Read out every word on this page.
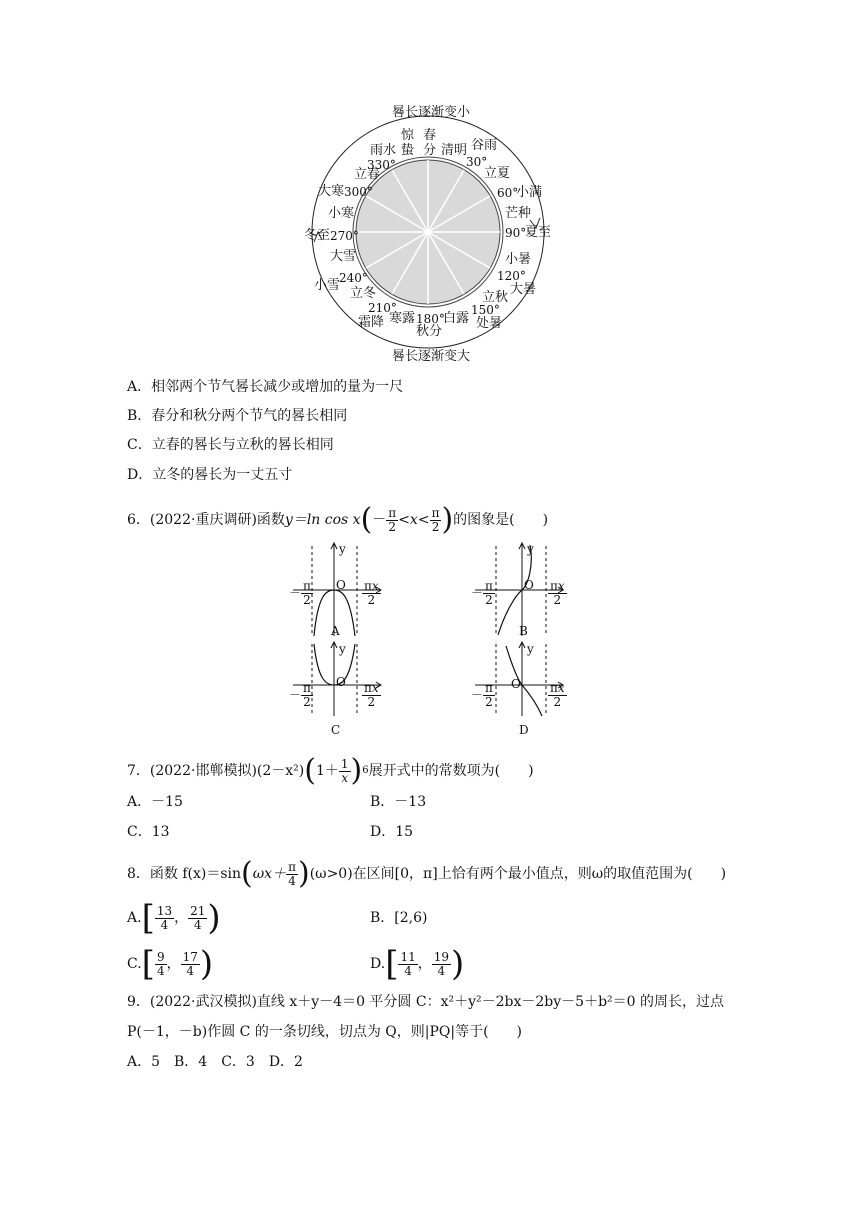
晷长逐渐变小
晷长逐渐变大
惊
蛰
春
分 清明 谷雨
雨水
330°	30°
立夏
立春
60°
小满
大寒 300°
小寒	芒种
冬至 270°	90°
夏至
大雪	小暑
240°	120°
小雪	大暑
立冬	立秋
210°	150°
霜降 寒露 180°
白露
秋分
处暑
A．相邻两个节气晷长减少或增加的量为一尺
B．春分和秋分两个节气的晷长相同
C．立春的晷长与立秋的晷长相同
D．立冬的晷长为一丈五寸
6．(2022·重庆调研)函数 y＝ln cos x ( － $\frac{\pi}{2} <x< \frac{\pi}{2}$ ) 的图象是(　　)
－ $\frac{\pi}{2}$ O
y
$\frac{\pi x}{2}$
A
－ $\frac{\pi}{2}$ O
y
$\frac{\pi x}{2}$
B
－ $\frac{\pi}{2}$ O
y
$\frac{\pi x}{2}$
C
－ $\frac{\pi}{2}$ O
y
$\frac{\pi x}{2}$
D
7．(2022·邯郸模拟)(2－x²) ( $1+ \frac{1}{x}$ ) 6 展开式中的常数项为(　　)
A．－15	B．－13
C．13	D．15
8．函数 f(x)＝sin ( $\omega x+ \frac{\pi}{4}$ ) (ω>0)在区间[0，π]上恰有两个最小值点，则ω的取值范围为(　　)
A. [ $\frac{13}{4}$ ， $\frac{21}{4}$ )	B．[2,6)
C. [ $\frac{9}{4}$ ， $\frac{17}{4}$ )	D. [ $\frac{11}{4}$ ， $\frac{19}{4}$ )
9．(2022·武汉模拟)直线 x＋y－4＝0 平分圆 C：x²＋y²－2bx－2by－5＋b²＝0 的周长，过点
P(－1，－b)作圆 C 的一条切线，切点为 Q，则|PQ|等于(　　)
A．5　B．4　C．3　D．2
